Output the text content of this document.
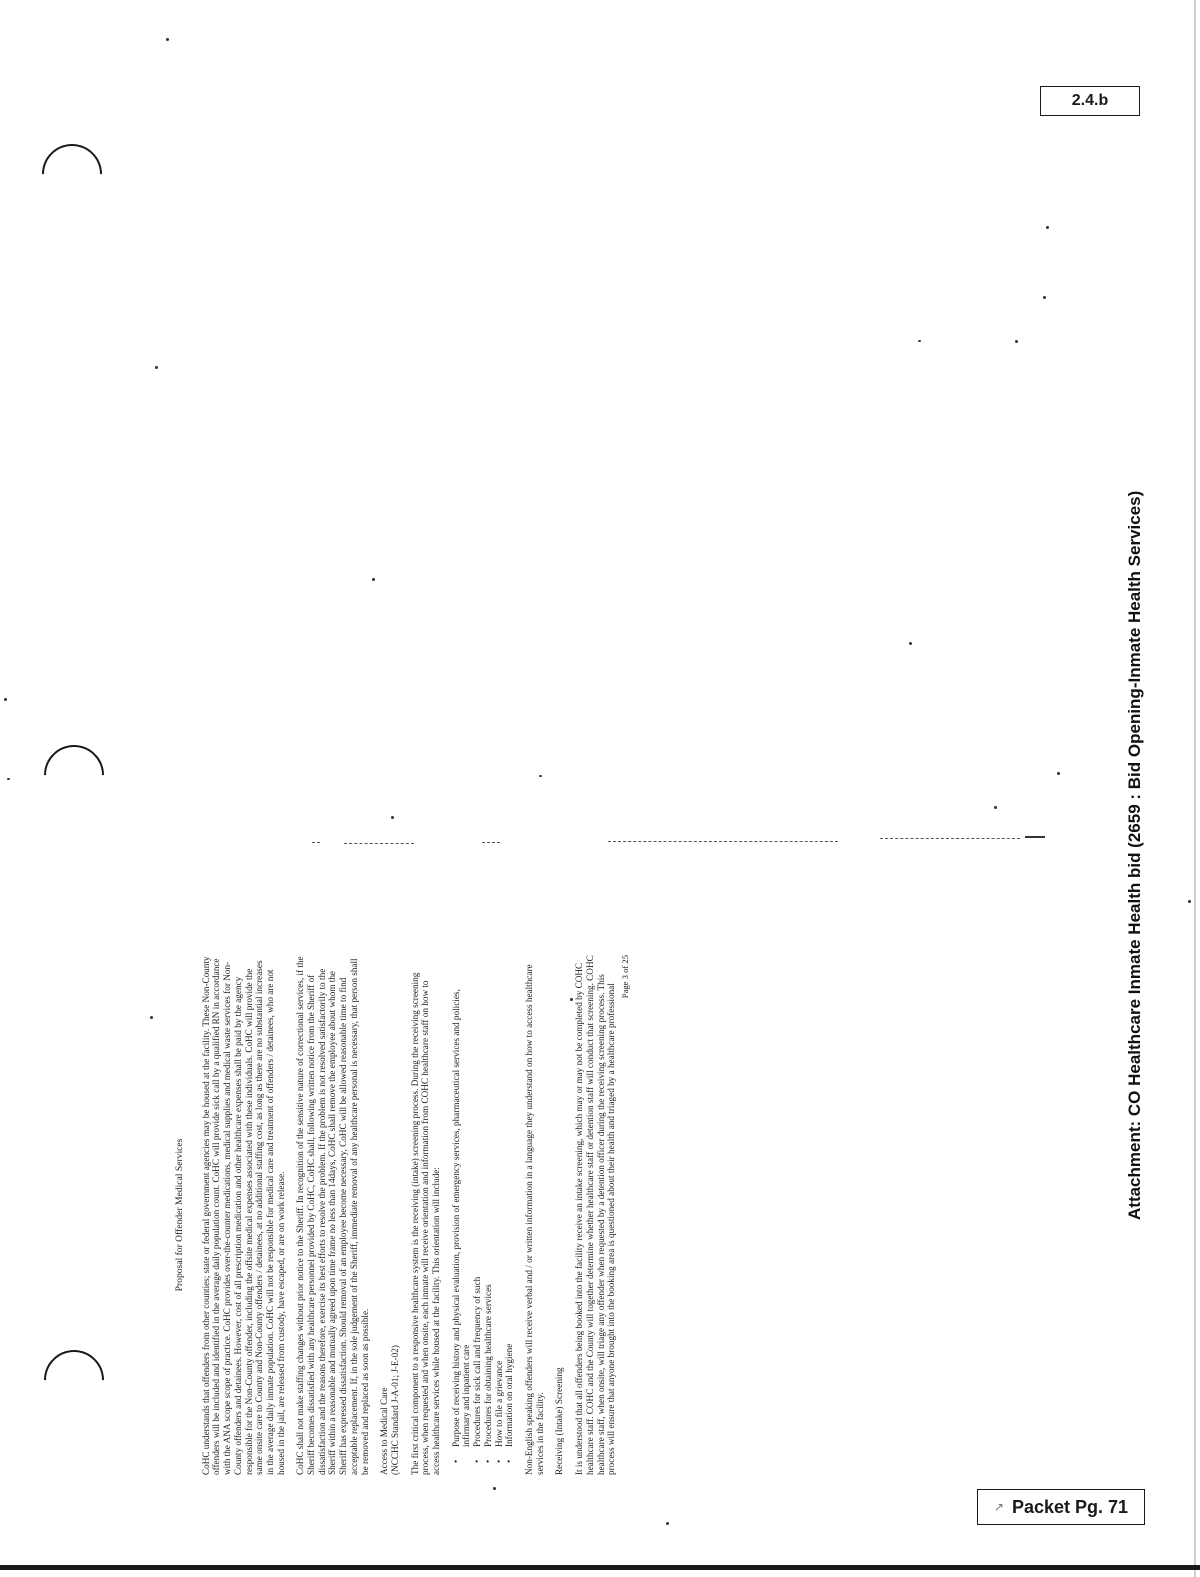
2.4.b
Attachment: CO Healthcare Inmate Health bid (2659 : Bid Opening-Inmate Health Services)
↗ Packet Pg. 71
Proposal for Offender Medical Services CoHC understands that offenders from other counties; state or federal government agencies may be housed at the facility. These Non-County offenders will be included and identified in the average daily population count. CoHC will provide sick call by a qualified RN in accordance with the ANA scope scope of practice. CoHC provides over-the-counter medications, medical supplies and medical waste services for Non-County offenders and detainees. However, cost of all prescription medication and other healthcare expenses shall be paid by the agency responsible for the Non-County offender, including the offsite medical expenses associated with these individuals. CoHC will provide the same onsite care to County and Non-County offenders / detainees, at no additional staffing cost, as long as there are no substantial increases in the average daily inmate population. CoHC will not be responsible for medical care and treatment of offenders / detainees, who are not housed in the jail, are released from custody, have escaped, or are on work release. CoHC shall not make staffing changes without prior notice to the Sheriff. In recognition of the sensitive nature of correctional services, if the Sheriff becomes dissatisfied with any healthcare personnel provided by CoHC, CoHC shall, following written notice from the Sheriff of dissatisfaction and the reasons therefore, exercise its best efforts to resolve the problem. If the problem is not resolved satisfactorily to the Sheriff within a reasonable and mutually agreed upon time frame no less than 14days, CoHC shall remove the employee about whom the Sheriff has expressed dissatisfaction. Should removal of an employee become necessary, CoHC will be allowed reasonable time to find acceptable replacement. If, in the sole judgement of the Sheriff, immediate removal of any healthcare personal is necessary, that person shall be removed and replaced as soon as possible. Access to Medical Care (NCCHC Standard J-A-01; J-E-02) The first critical component to a responsive healthcare system is the receiving (intake) screening process. During the receiving screening process, when requested and when onsite, each inmate will receive orientation and information from COHC healthcare staff on how to access healthcare services while housed at the facility. This orientation will include: • Purpose of receiving history and physical evaluation, provision of emergency services, pharmaceutical services and policies, infirmary and inpatient care • Procedures for sick call and frequency of such • Procedures for obtaining healthcare services • How to file a grievance • Information on oral hygiene Non-English speaking offenders will receive verbal and / or written information in a language they understand on how to access healthcare services in the facility. Receiving (Intake) Screening It is understood that all offenders being booked into the facility receive an intake screening, which may or may not be completed by COHC healthcare staff. COHC and the County will together determine whether healthcare staff or detention staff will conduct that screening. COHC healthcare staff, when onsite, will triage any offender when requested by a detention officer during the receiving screening process. This process will ensure that anyone brought into the booking area is questioned about their health and triaged by a healthcare professional

Page 3 of 25
